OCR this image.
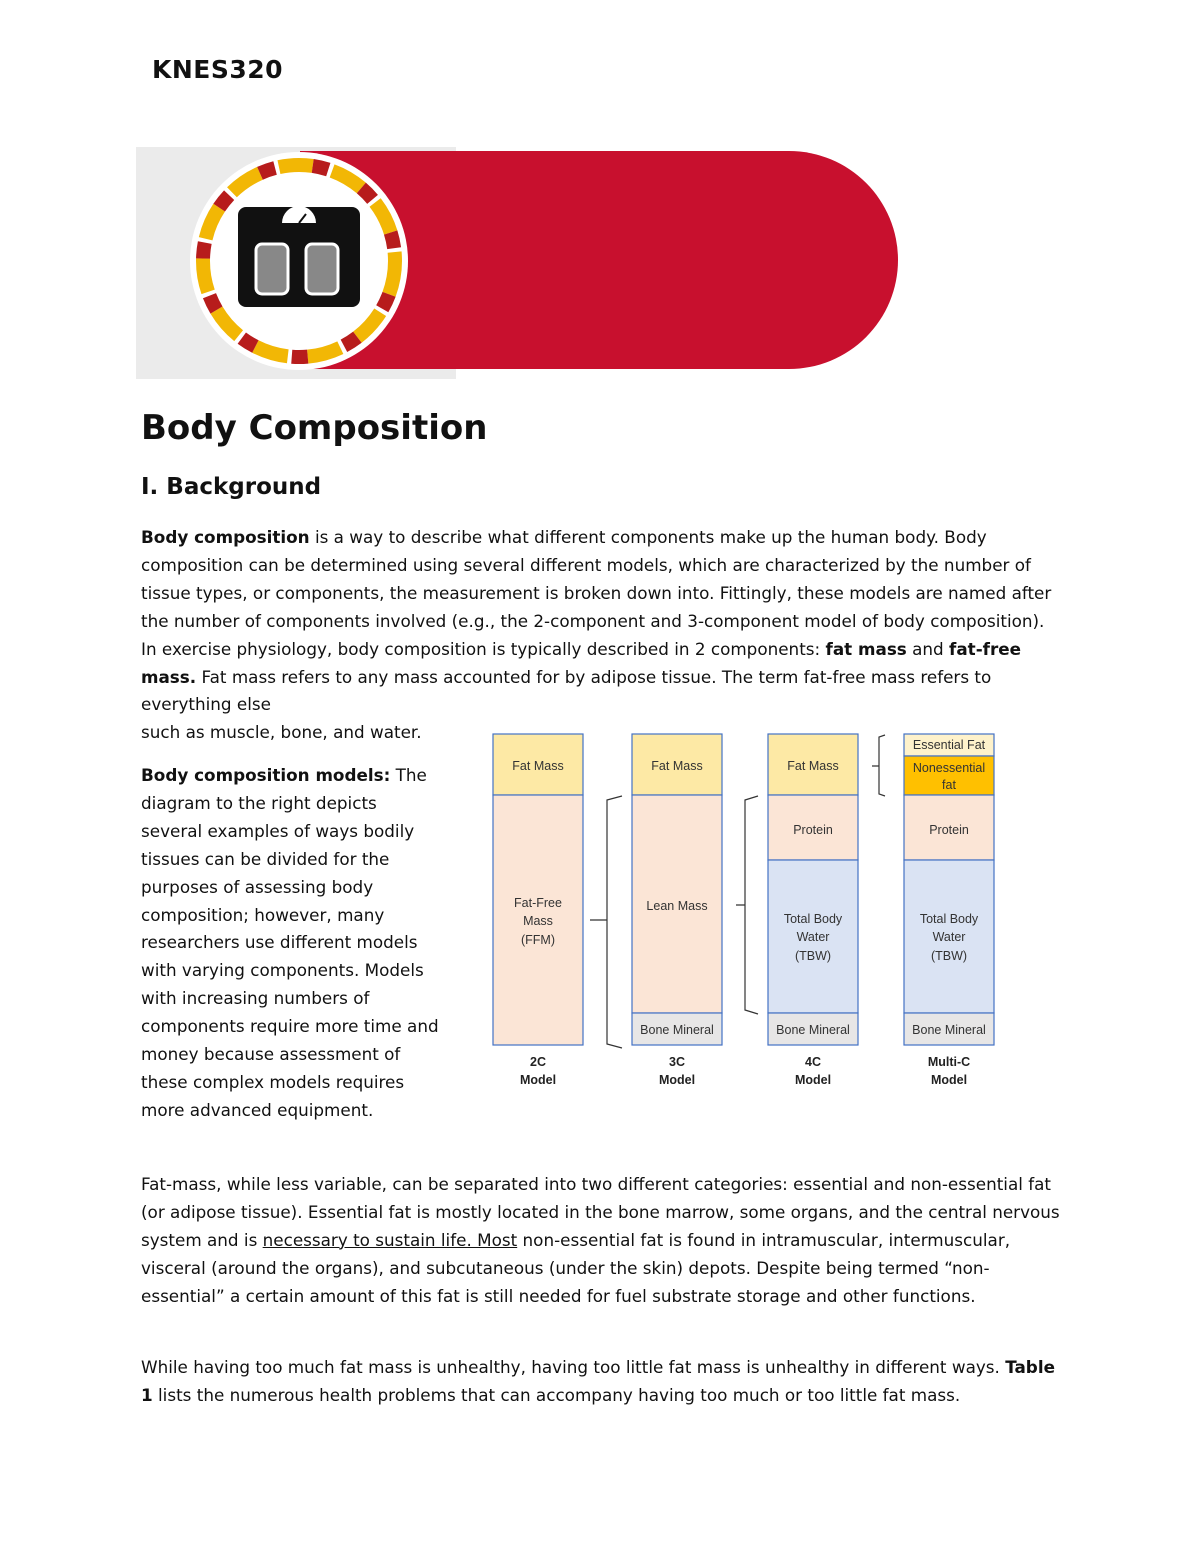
KNES320
Body Composition
I. Background

Body composition is a way to describe what different components make up the human body. Body composition can be determined using several different models, which are characterized by the number of tissue types, or components, the measurement is broken down into. Fittingly, these models are named after the number of components involved (e.g., the 2-component and 3-component model of body composition). In exercise physiology, body composition is typically described in 2 components: fat mass and fat-free mass. Fat mass refers to any mass accounted for by adipose tissue. The term fat-free mass refers to everything else

such as muscle, bone, and water.

Body composition models: The diagram to the right depicts several examples of ways bodily tissues can be divided for the purposes of assessing body composition; however, many researchers use different models with varying components. Models with increasing numbers of components require more time and money because assessment of these complex models requires more advanced equipment.

Fat Mass
Fat-Free
Mass
(FFM)
2C
Model
Fat Mass
Lean Mass
Bone Mineral
3C
Model
Fat Mass
Protein
Total Body
Water
(TBW)
Bone Mineral
4C
Model
Essential Fat
Nonessential
fat
Protein
Total Body
Water
(TBW)
Bone Mineral
Multi-C
Model

Fat-mass, while less variable, can be separated into two different categories: essential and non-essential fat (or adipose tissue). Essential fat is mostly located in the bone marrow, some organs, and the central nervous system and is necessary to sustain life. Most non-essential fat is found in intramuscular, intermuscular, visceral (around the organs), and subcutaneous (under the skin) depots. Despite being termed “non-essential” a certain amount of this fat is still needed for fuel substrate storage and other functions.

While having too much fat mass is unhealthy, having too little fat mass is unhealthy in different ways. Table 1 lists the numerous health problems that can accompany having too much or too little fat mass.
